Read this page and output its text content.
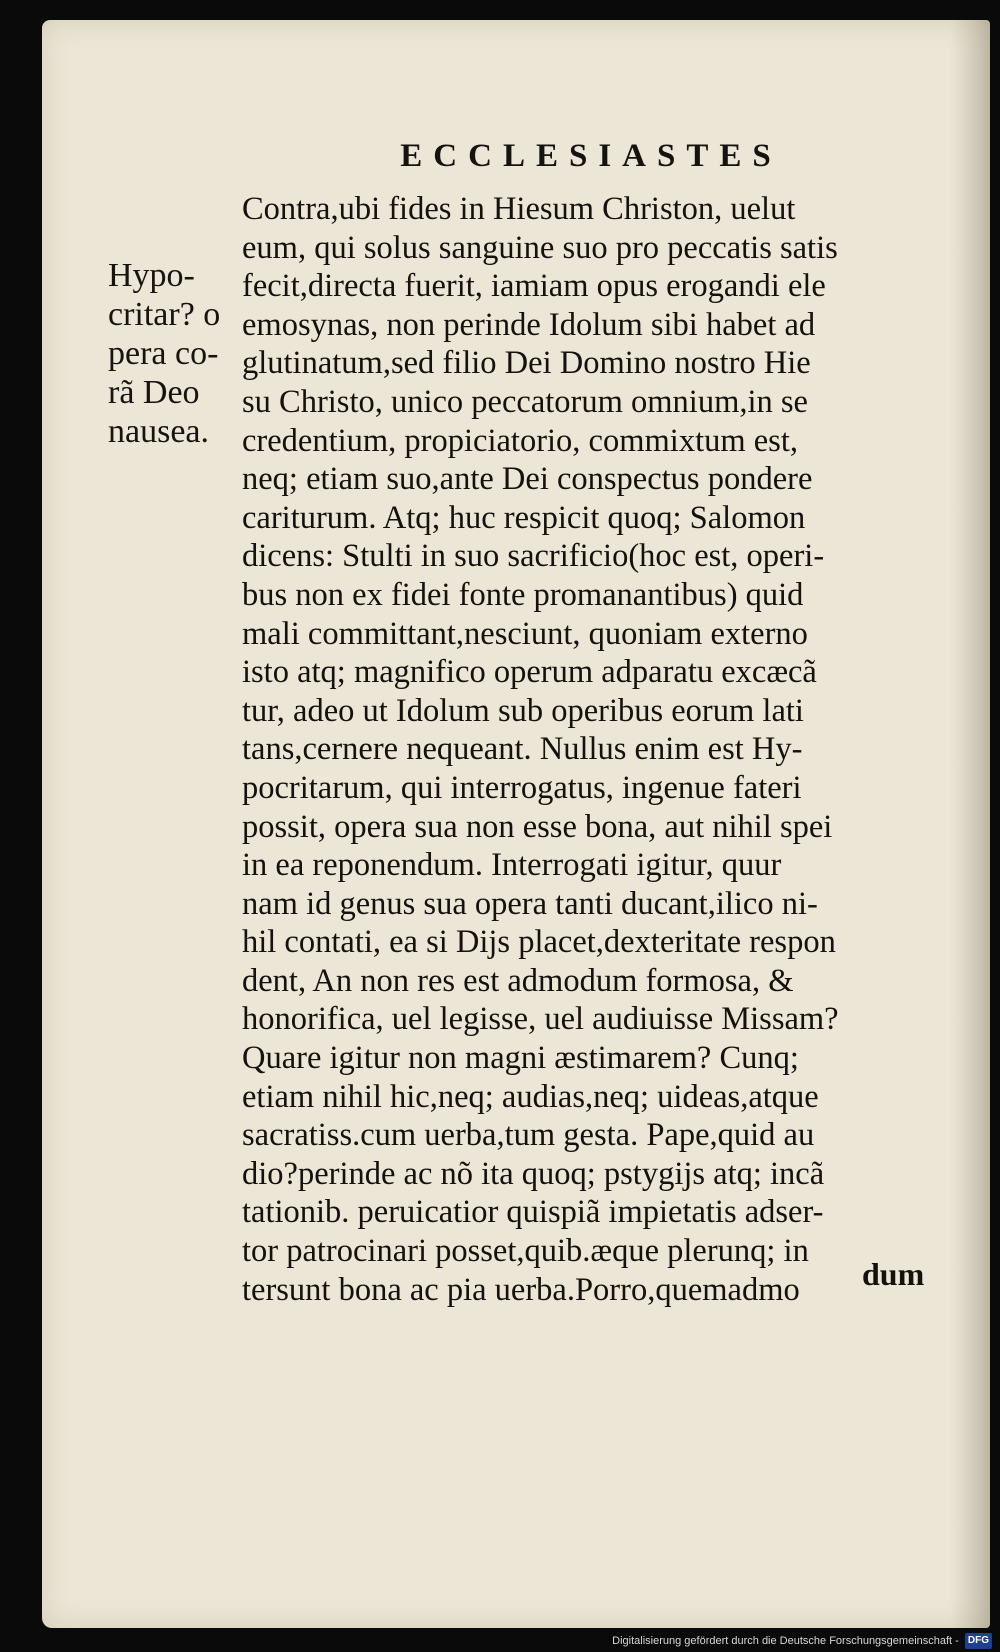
ECCLESIASTES
Hypo-
critar? o
pera co-
rã Deo
nausea.
Contra,ubi fides in Hiesum Christon, uelut
eum, qui solus sanguine suo pro peccatis satis
fecit,directa fuerit, iamiam opus erogandi ele
emosynas, non perinde Idolum sibi habet ad
glutinatum,sed filio Dei Domino nostro Hie
su Christo, unico peccatorum omnium,in se
credentium, propiciatorio, commixtum est,
neq; etiam suo,ante Dei conspectus pondere
cariturum. Atq; huc respicit quoq; Salomon
dicens: Stulti in suo sacrificio(hoc est, operi-
bus non ex fidei fonte promanantibus) quid
mali committant,nesciunt, quoniam externo
isto atq; magnifico operum adparatu excæcã
tur, adeo ut Idolum sub operibus eorum lati
tans,cernere nequeant. Nullus enim est Hy-
pocritarum, qui interrogatus, ingenue fateri
possit, opera sua non esse bona, aut nihil spei
in ea reponendum. Interrogati igitur, quur
nam id genus sua opera tanti ducant,ilico ni-
hil contati, ea si Dijs placet,dexteritate respon
dent, An non res est admodum formosa, &
honorifica, uel legisse, uel audiuisse Missam?
Quare igitur non magni æstimarem? Cunq;
etiam nihil hic,neq; audias,neq; uideas,atque
sacratiss.cum uerba,tum gesta. Pape,quid au
dio?perinde ac nõ ita quoq; pstygijs atq; incã
tationib. peruicatior quispiã impietatis adser-
tor patrocinari posset,quib.æque plerunq; in
tersunt bona ac pia uerba.Porro,quemadmo	dum
Digitalisierung gefördert durch die Deutsche Forschungsgemeinschaft - DFG
